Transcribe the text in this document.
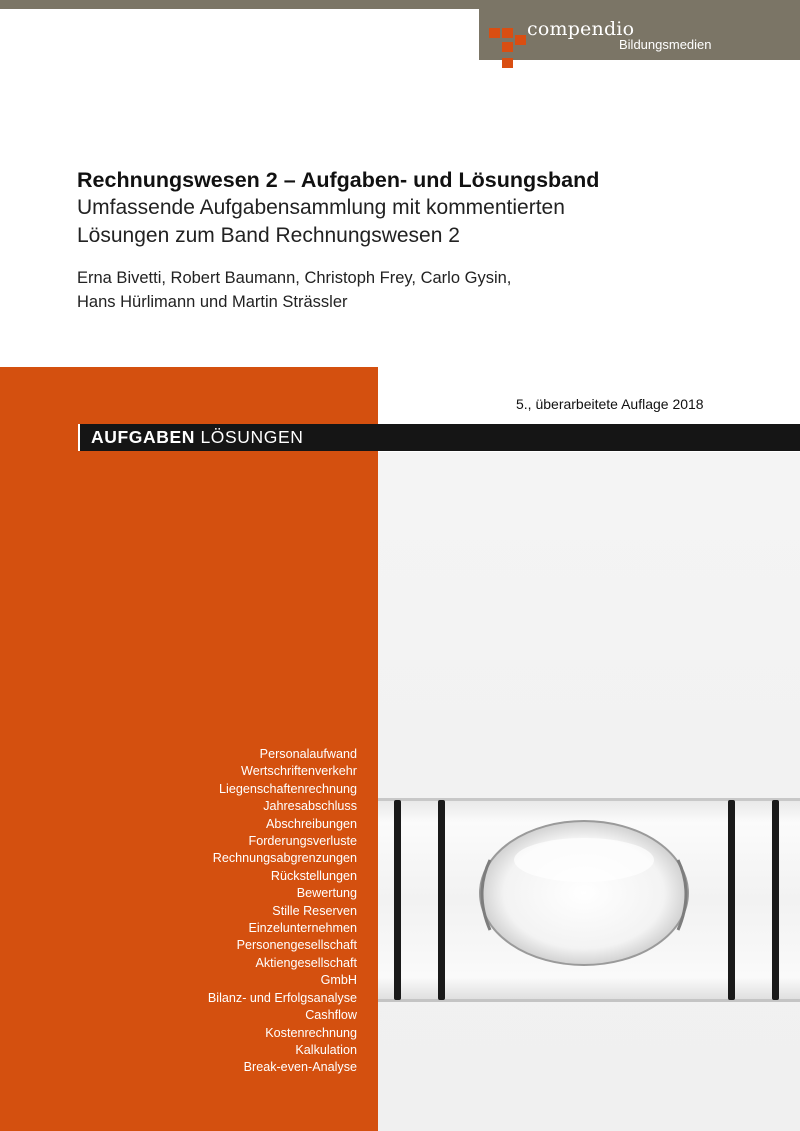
compendio
Bildungsmedien

Rechnungswesen 2 – Aufgaben- und Lösungsband

Umfassende Aufgabensammlung mit kommentierten

Lösungen zum Band Rechnungswesen 2

Erna Bivetti, Robert Baumann, Christoph Frey, Carlo Gysin,
Hans Hürlimann und Martin Strässler
5., überarbeitete Auflage 2018
AUFGABEN LÖSUNGEN
Personalaufwand
Wertschriftenverkehr
Liegenschaftenrechnung
Jahresabschluss
Abschreibungen
Forderungsverluste
Rechnungsabgrenzungen
Rückstellungen
Bewertung
Stille Reserven
Einzelunternehmen
Personengesellschaft
Aktiengesellschaft
GmbH
Bilanz- und Erfolgsanalyse
Cashflow
Kostenrechnung
Kalkulation
Break-even-Analyse
